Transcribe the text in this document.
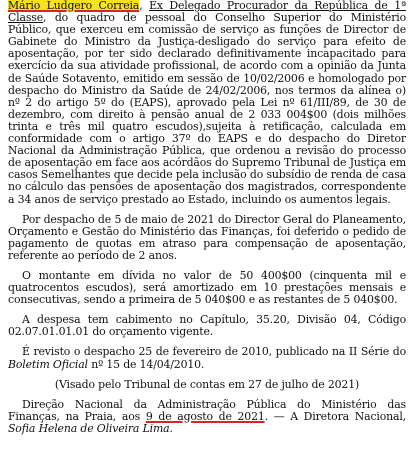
Mário Ludgero Correia, Ex Delegado Procurador da República de 1ª Classe, do quadro de pessoal do Conselho Superior do Ministério Público, que exerceu em comissão de serviço as funções de Director de Gabinete do Ministro da Justiça-desligado do serviço para efeito de aposentação, por ter sido declarado definitivamente incapacitado para exercício da sua atividade profissional, de acordo com a opinião da Junta de Saúde Sotavento, emitido em sessão de 10/02/2006 e homologado por despacho do Ministro da Saúde de 24/02/2006, nos termos da alínea o) nº 2 do artigo 5º do (EAPS), aprovado pela Lei nº 61/III/89, de 30 de dezembro, com direito à pensão anual de 2 033 004$00 (dois milhões trinta e três mil quatro escudos),sujeita à retificação, calculada em conformidade com o artigo 37º do EAPS e do despacho do Diretor Nacional da Administração Pública, que ordenou a revisão do processo de aposentação em face aos acórdãos do Supremo Tribunal de Justiça em casos Semelhantes que decide pela inclusão do subsídio de renda de casa no cálculo das pensões de aposentação dos magistrados, correspondente a 34 anos de serviço prestado ao Estado, incluindo os aumentos legais.

Por despacho de 5 de maio de 2021 do Director Geral do Planeamento, Orçamento e Gestão do Ministério das Finanças, foi deferido o pedido de pagamento de quotas em atraso para compensação de aposentação, referente ao período de 2 anos.

O montante em dívida no valor de 50 400$00 (cinquenta mil e quatrocentos escudos), será amortizado em 10 prestações mensais e consecutivas, sendo a primeira de 5 040$00 e as restantes de 5 040$00.

A despesa tem cabimento no Capítulo, 35.20, Divisão 04, Código 02.07.01.01.01 do orçamento vigente.

É revisto o despacho 25 de fevereiro de 2010, publicado na II Série do Boletim Oficial nº 15 de 14/04/2010.

(Visado pelo Tribunal de contas em 27 de julho de 2021)

Direção Nacional da Administração Pública do Ministério das Finanças, na Praia, aos 9 de agosto de 2021. — A Diretora Nacional, Sofia Helena de Oliveira Lima.
